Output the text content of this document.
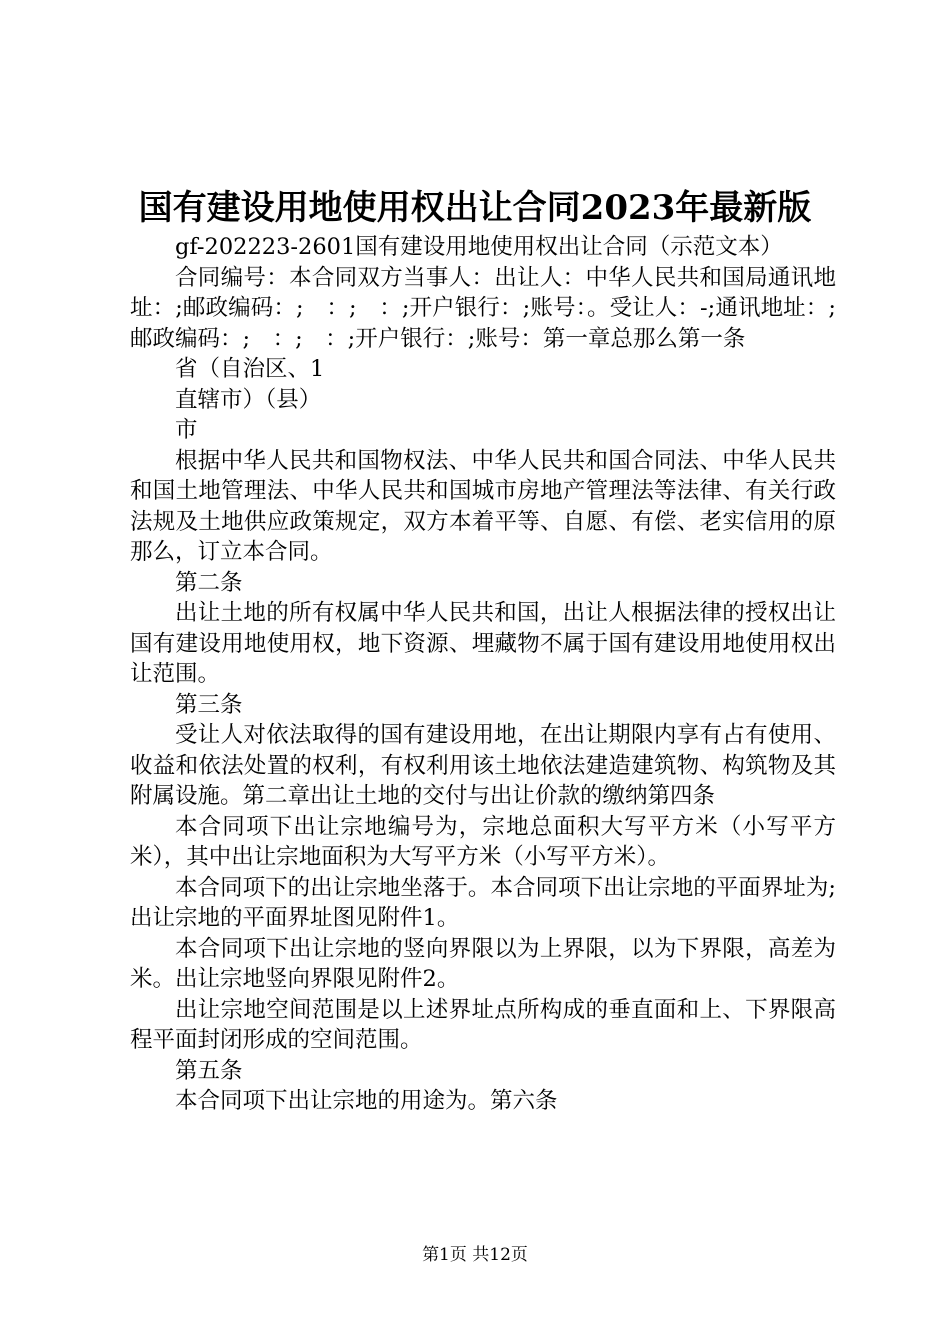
国有建设用地使用权出让合同2023年最新版

gf-202223-2601国有建设用地使用权出让合同（示范文本）

合同编号：本合同双方当事人：出让人：中华人民共和国局通讯地址：;邮政编码：;　：;　：;开户银行：;账号：。受让人：-;通讯地址：;邮政编码：;　：;　：;开户银行：;账号：第一章总那么第一条

省（自治区、1

直辖市）（县）

市

根据中华人民共和国物权法、中华人民共和国合同法、中华人民共和国土地管理法、中华人民共和国城市房地产管理法等法律、有关行政法规及土地供应政策规定，双方本着平等、自愿、有偿、老实信用的原那么，订立本合同。

第二条

出让土地的所有权属中华人民共和国，出让人根据法律的授权出让国有建设用地使用权，地下资源、埋藏物不属于国有建设用地使用权出让范围。

第三条

受让人对依法取得的国有建设用地，在出让期限内享有占有使用、收益和依法处置的权利，有权利用该土地依法建造建筑物、构筑物及其附属设施。第二章出让土地的交付与出让价款的缴纳第四条

本合同项下出让宗地编号为，宗地总面积大写平方米（小写平方米），其中出让宗地面积为大写平方米（小写平方米）。

本合同项下的出让宗地坐落于。本合同项下出让宗地的平面界址为;出让宗地的平面界址图见附件1。

本合同项下出让宗地的竖向界限以为上界限，以为下界限，高差为米。出让宗地竖向界限见附件2。

出让宗地空间范围是以上述界址点所构成的垂直面和上、下界限高程平面封闭形成的空间范围。

第五条

本合同项下出让宗地的用途为。第六条

第1页 共12页
